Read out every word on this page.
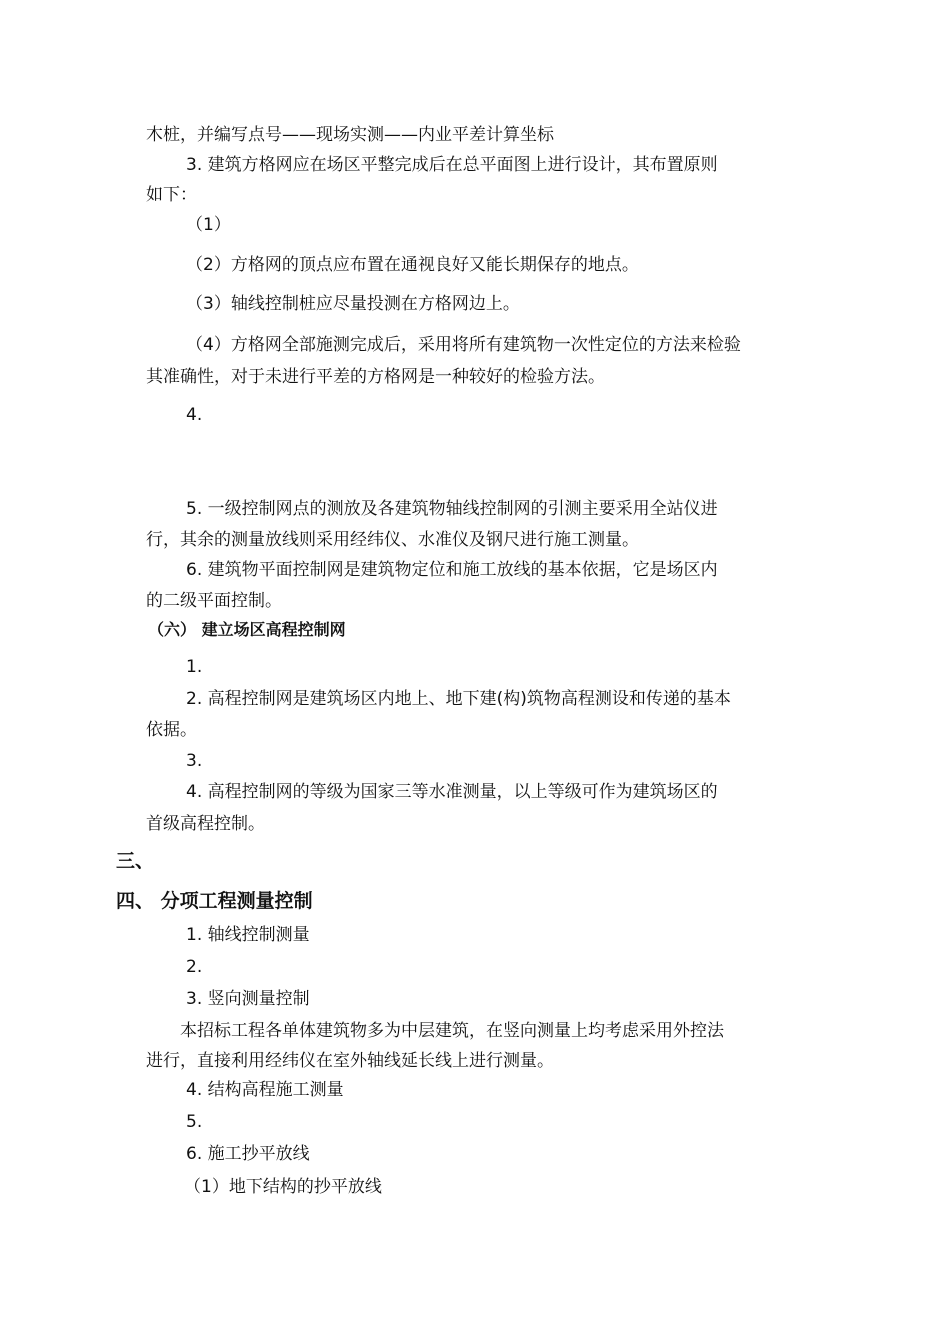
木桩，并编写点号——现场实测——内业平差计算坐标
3. 建筑方格网应在场区平整完成后在总平面图上进行设计，其布置原则
如下：
（1）
（2）方格网的顶点应布置在通视良好又能长期保存的地点。
（3）轴线控制桩应尽量投测在方格网边上。
（4）方格网全部施测完成后，采用将所有建筑物一次性定位的方法来检验
其准确性，对于未进行平差的方格网是一种较好的检验方法。
4.
5. 一级控制网点的测放及各建筑物轴线控制网的引测主要采用全站仪进
行，其余的测量放线则采用经纬仪、水准仪及钢尺进行施工测量。
6. 建筑物平面控制网是建筑物定位和施工放线的基本依据，它是场区内
的二级平面控制。
（六） 建立场区高程控制网
1.
2. 高程控制网是建筑场区内地上、地下建(构)筑物高程测设和传递的基本
依据。
3.
4. 高程控制网的等级为国家三等水准测量，以上等级可作为建筑场区的
首级高程控制。
三、
四、 分项工程测量控制
1. 轴线控制测量
2.
3. 竖向测量控制
本招标工程各单体建筑物多为中层建筑，在竖向测量上均考虑采用外控法
进行，直接利用经纬仪在室外轴线延长线上进行测量。
4. 结构高程施工测量
5.
6. 施工抄平放线
（1）地下结构的抄平放线
